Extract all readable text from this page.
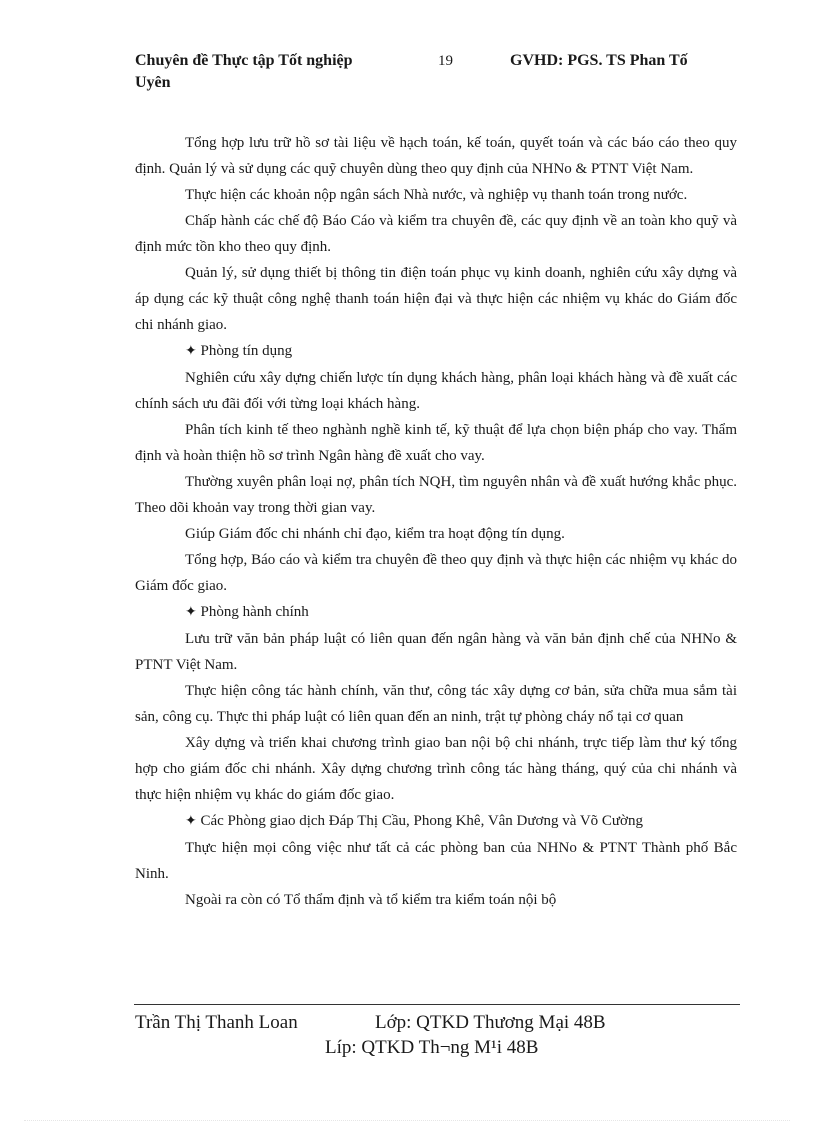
Chuyên đề Thực tập Tốt nghiệp
Uyên
19	GVHD: PGS. TS Phan Tố

Tổng hợp lưu trữ hồ sơ tài liệu về hạch toán, kế toán, quyết toán và các báo cáo theo quy định. Quản lý và sử dụng các quỹ chuyên dùng theo quy định của NHNo & PTNT Việt Nam.

Thực hiện các khoản nộp ngân sách Nhà nước, và nghiệp vụ thanh toán trong nước.

Chấp hành các chế độ Báo Cáo và kiểm tra chuyên đề, các quy định về an toàn kho quỹ và định mức tồn kho theo quy định.

Quản lý, sử dụng thiết bị thông tin điện toán phục vụ kinh doanh, nghiên cứu xây dựng và áp dụng các kỹ thuật công nghệ thanh toán hiện đại và thực hiện các nhiệm vụ khác do Giám đốc chi nhánh giao.

✦ Phòng tín dụng

Nghiên cứu xây dựng chiến lược tín dụng khách hàng, phân loại khách hàng và đề xuất các chính sách ưu đãi đối với từng loại khách hàng.

Phân tích kinh tế theo nghành nghề kinh tế, kỹ thuật để lựa chọn biện pháp cho vay. Thẩm định và hoàn thiện hồ sơ trình Ngân hàng đề xuất cho vay.

Thường xuyên phân loại nợ, phân tích NQH, tìm nguyên nhân và đề xuất hướng khắc phục. Theo dõi khoản vay trong thời gian vay.

Giúp Giám đốc chi nhánh chỉ đạo, kiểm tra hoạt động tín dụng.

Tổng hợp, Báo cáo và kiểm tra chuyên đề theo quy định và thực hiện các nhiệm vụ khác do Giám đốc giao.

✦ Phòng hành chính

Lưu trữ văn bản pháp luật có liên quan đến ngân hàng và văn bản định chế của NHNo & PTNT Việt Nam.

Thực hiện công tác hành chính, văn thư, công tác xây dựng cơ bản, sửa chữa mua sắm tài sản, công cụ. Thực thi pháp luật có liên quan đến an ninh, trật tự phòng cháy nổ tại cơ quan

Xây dựng và triển khai chương trình giao ban nội bộ chi nhánh, trực tiếp làm thư ký tổng hợp cho giám đốc chi nhánh. Xây dựng chương trình công tác hàng tháng, quý của chi nhánh và thực hiện nhiệm vụ khác do giám đốc giao.

✦ Các Phòng giao dịch Đáp Thị Cầu, Phong Khê, Vân Dương và Võ Cường

Thực hiện mọi công việc như tất cả các phòng ban của NHNo & PTNT Thành phố Bắc Ninh.

Ngoài ra còn có Tổ thẩm định và tổ kiểm tra kiểm toán nội bộ

Trần Thị Thanh Loan	Lớp: QTKD Thương Mại 48B
Líp: QTKD Th¬ng M¹i 48B
